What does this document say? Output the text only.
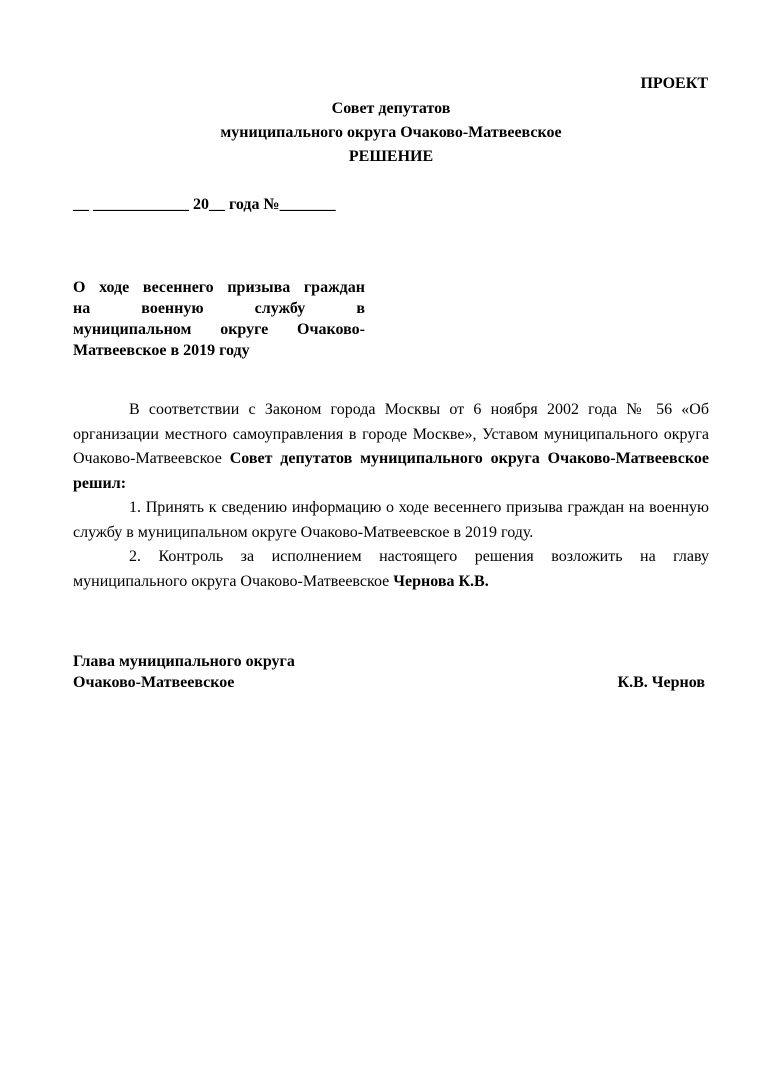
ПРОЕКТ
Совет депутатов
муниципального округа Очаково-Матвеевское
РЕШЕНИЕ
__ ____________ 20__ года №_______
О ходе весеннего призыва граждан
на военную службу в
муниципальном округе Очаково-
Матвеевское в 2019 году

В соответствии с Законом города Москвы от 6 ноября 2002 года № 56 «Об организации местного самоуправления в городе Москве», Уставом муниципального округа Очаково-Матвеевское Совет депутатов муниципального округа Очаково-Матвеевское решил:

1. Принять к сведению информацию о ходе весеннего призыва граждан на военную службу в муниципальном округе Очаково-Матвеевское в 2019 году.

2. Контроль за исполнением настоящего решения возложить на главу муниципального округа Очаково-Матвеевское Чернова К.В.

Глава муниципального округа
Очаково-Матвеевское	К.В. Чернов
